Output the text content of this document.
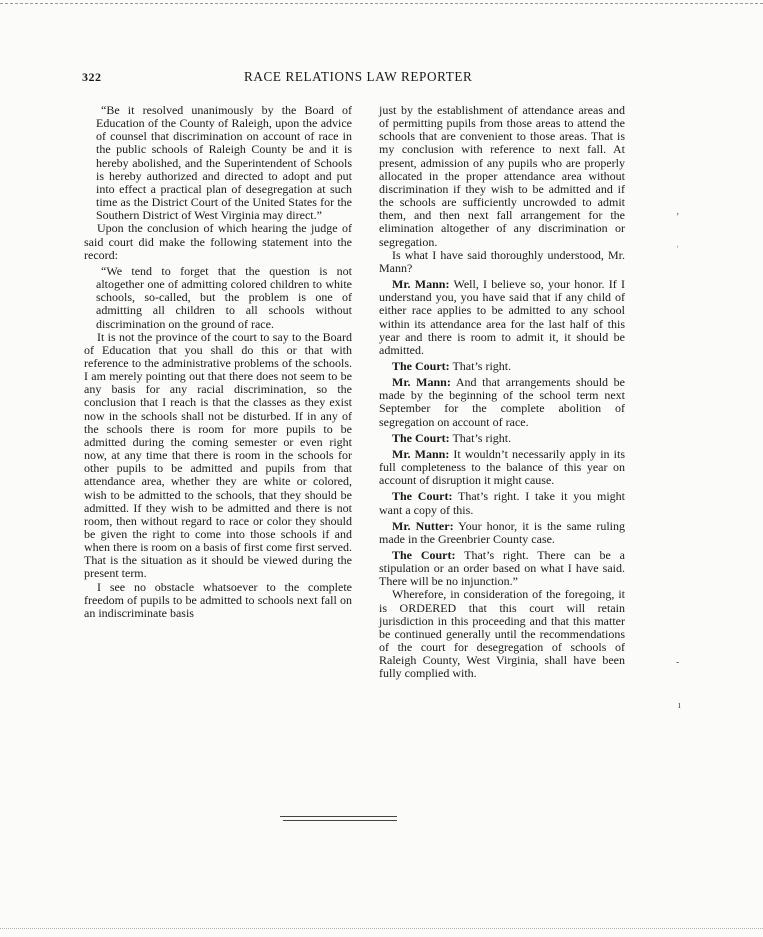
322	RACE RELATIONS LAW REPORTER

“Be it resolved unanimously by the Board of Education of the County of Raleigh, upon the advice of counsel that discrimination on account of race in the public schools of Raleigh County be and it is hereby abolished, and the Superintendent of Schools is hereby authorized and directed to adopt and put into effect a practical plan of desegregation at such time as the District Court of the United States for the Southern District of West Virginia may direct.”

Upon the conclusion of which hearing the judge of said court did make the following statement into the record:

“We tend to forget that the question is not altogether one of admitting colored children to white schools, so-called, but the problem is one of admitting all children to all schools without discrimination on the ground of race.

It is not the province of the court to say to the Board of Education that you shall do this or that with reference to the administrative problems of the schools. I am merely pointing out that there does not seem to be any basis for any racial discrimination, so the conclusion that I reach is that the classes as they exist now in the schools shall not be disturbed. If in any of the schools there is room for more pupils to be admitted during the coming semester or even right now, at any time that there is room in the schools for other pupils to be admitted and pupils from that attendance area, whether they are white or colored, wish to be admitted to the schools, that they should be admitted. If they wish to be admitted and there is not room, then without regard to race or color they should be given the right to come into those schools if and when there is room on a basis of first come first served. That is the situation as it should be viewed during the present term.

I see no obstacle whatsoever to the complete freedom of pupils to be admitted to schools next fall on an indiscriminate basis

just by the establishment of attendance areas and of permitting pupils from those areas to attend the schools that are convenient to those areas. That is my conclusion with reference to next fall. At present, admission of any pupils who are properly allocated in the proper attendance area without discrimination if they wish to be admitted and if the schools are sufficiently uncrowded to admit them, and then next fall arrangement for the elimination altogether of any discrimination or segregation.

Is what I have said thoroughly understood, Mr. Mann?

Mr. Mann: Well, I believe so, your honor. If I understand you, you have said that if any child of either race applies to be admitted to any school within its attendance area for the last half of this year and there is room to admit it, it should be admitted.

The Court: That’s right.

Mr. Mann: And that arrangements should be made by the beginning of the school term next September for the complete abolition of segregation on account of race.

The Court: That’s right.

Mr. Mann: It wouldn’t necessarily apply in its full completeness to the balance of this year on account of disruption it might cause.

The Court: That’s right. I take it you might want a copy of this.

Mr. Nutter: Your honor, it is the same ruling made in the Greenbrier County case.

The Court: That’s right. There can be a stipulation or an order based on what I have said. There will be no injunction.”

Wherefore, in consideration of the foregoing, it is ORDERED that this court will retain jurisdiction in this proceeding and that this matter be continued generally until the recommendations of the court for desegregation of schools of Raleigh County, West Virginia, shall have been fully complied with.

‚
ˈ
-
ı
